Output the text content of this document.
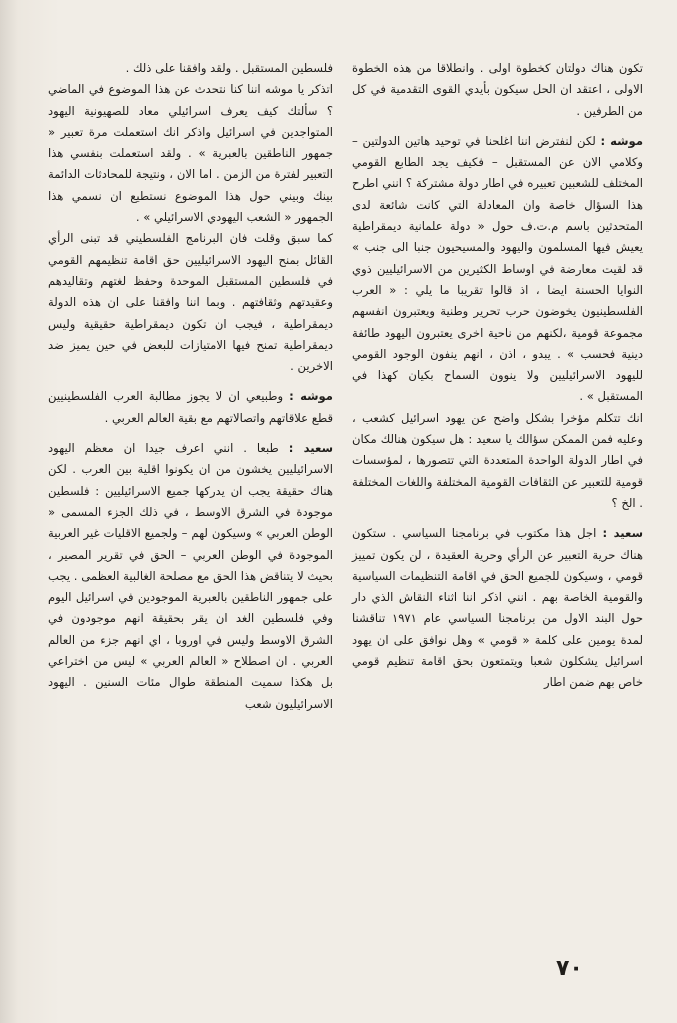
تكون هناك دولتان كخطوة اولى . وانطلاقا من هذه الخطوة الاولى ، اعتقد ان الحل سيكون بأيدي القوى التقدمية في كل من الطرفين .

موشه : لكن لنفترض اننا اغلحنا في توحيد هاتين الدولتين – وكلامي الان عن المستقبل – فكيف يجد الطابع القومي المختلف للشعبين تعبيره في اطار دولة مشتركة ؟ انني اطرح هذا السؤال خاصة وان المعادلة التي كانت شائعة لدى المتحدثين باسم م.ت.ف حول « دولة علمانية ديمقراطية يعيش فيها المسلمون واليهود والمسيحيون جنبا الى جنب » قد لقيت معارضة في اوساط الكثيرين من الاسرائيليين ذوي النوايا الحسنة ايضا ، اذ قالوا تقريبا ما يلي : « العرب الفلسطينيون يخوضون حرب تحرير وطنية ويعتبرون انفسهم مجموعة قومية ،لكنهم من ناحية اخرى يعتبرون اليهود طائفة دينية فحسب » . يبدو ، اذن ، انهم ينفون الوجود القومي لليهود الاسرائيليين ولا ينوون السماح بكيان كهذا في المستقبل » .

انك تتكلم مؤخرا بشكل واضح عن يهود اسرائيل كشعب ، وعليه فمن الممكن سؤالك يا سعيد : هل سيكون هنالك مكان في اطار الدولة الواحدة المتعددة التي تتصورها ، لمؤسسات قومية للتعبير عن الثقافات القومية المختلفة واللغات المختلفة . الخ ؟

سعيد : اجل هذا مكتوب في برنامجنا السياسي . ستكون هناك حرية التعبير عن الرأي وحرية العقيدة ، لن يكون تمييز قومي ، وسيكون للجميع الحق في اقامة التنظيمات السياسية والقومية الخاصة بهم . انني اذكر اننا اثناء النقاش الذي دار حول البند الاول من برنامجنا السياسي عام ١٩٧١ تناقشنا لمدة يومين على كلمة « قومي » وهل نوافق على ان يهود اسرائيل يشكلون شعبا ويتمتعون بحق اقامة تنظيم قومي خاص بهم ضمن اطار

فلسطين المستقبل . ولقد وافقنا على ذلك .

اتذكر يا موشه اننا كنا نتحدث عن هذا الموضوع في الماضي ؟ سألتك كيف يعرف اسرائيلي معاد للصهيونية اليهود المتواجدين في اسرائيل واذكر انك استعملت مرة تعبير « جمهور الناطقين بالعبرية » . ولقد استعملت بنفسي هذا التعبير لفترة من الزمن . اما الان ، ونتيجة للمحادثات الدائمة بينك وبيني حول هذا الموضوع نستطيع ان نسمي هذا الجمهور « الشعب اليهودي الاسرائيلي » .

كما سبق وقلت فان البرنامج الفلسطيني قد تبنى الرأي القائل بمنح اليهود الاسرائيليين حق اقامة تنظيمهم القومي في فلسطين المستقبل الموحدة وحفظ لغتهم وتقاليدهم وعقيدتهم وثقافتهم . وبما اننا وافقنا على ان هذه الدولة ديمقراطية ، فيجب ان تكون ديمقراطية حقيقية وليس ديمقراطية تمنح فيها الامتيازات للبعض في حين يميز ضد الاخرين .

موشه : وطبيعي ان لا يجوز مطالبة العرب الفلسطينيين قطع علاقاتهم واتصالاتهم مع بقية العالم العربي .

سعيد : طبعا . انني اعرف جيدا ان معظم اليهود الاسرائيليين يخشون من ان يكونوا اقلية بين العرب . لكن هناك حقيقة يجب ان يدركها جميع الاسرائيليين : فلسطين موجودة في الشرق الاوسط ، في ذلك الجزء المسمى « الوطن العربي » وسيكون لهم – ولجميع الاقليات غير العربية الموجودة في الوطن العربي – الحق في تقرير المصير ، بحيث لا يتناقض هذا الحق مع مصلحة الغالبية العظمى . يجب على جمهور الناطقين بالعبرية الموجودين في اسرائيل اليوم وفي فلسطين الغد ان يقر بحقيقة انهم موجودون في الشرق الاوسط وليس في اوروبا ، اي انهم جزء من العالم العربي . ان اصطلاح « العالم العربي » ليس من اختراعي بل هكذا سميت المنطقة طوال مئات السنين . اليهود الاسرائيليون شعب

٧٠
